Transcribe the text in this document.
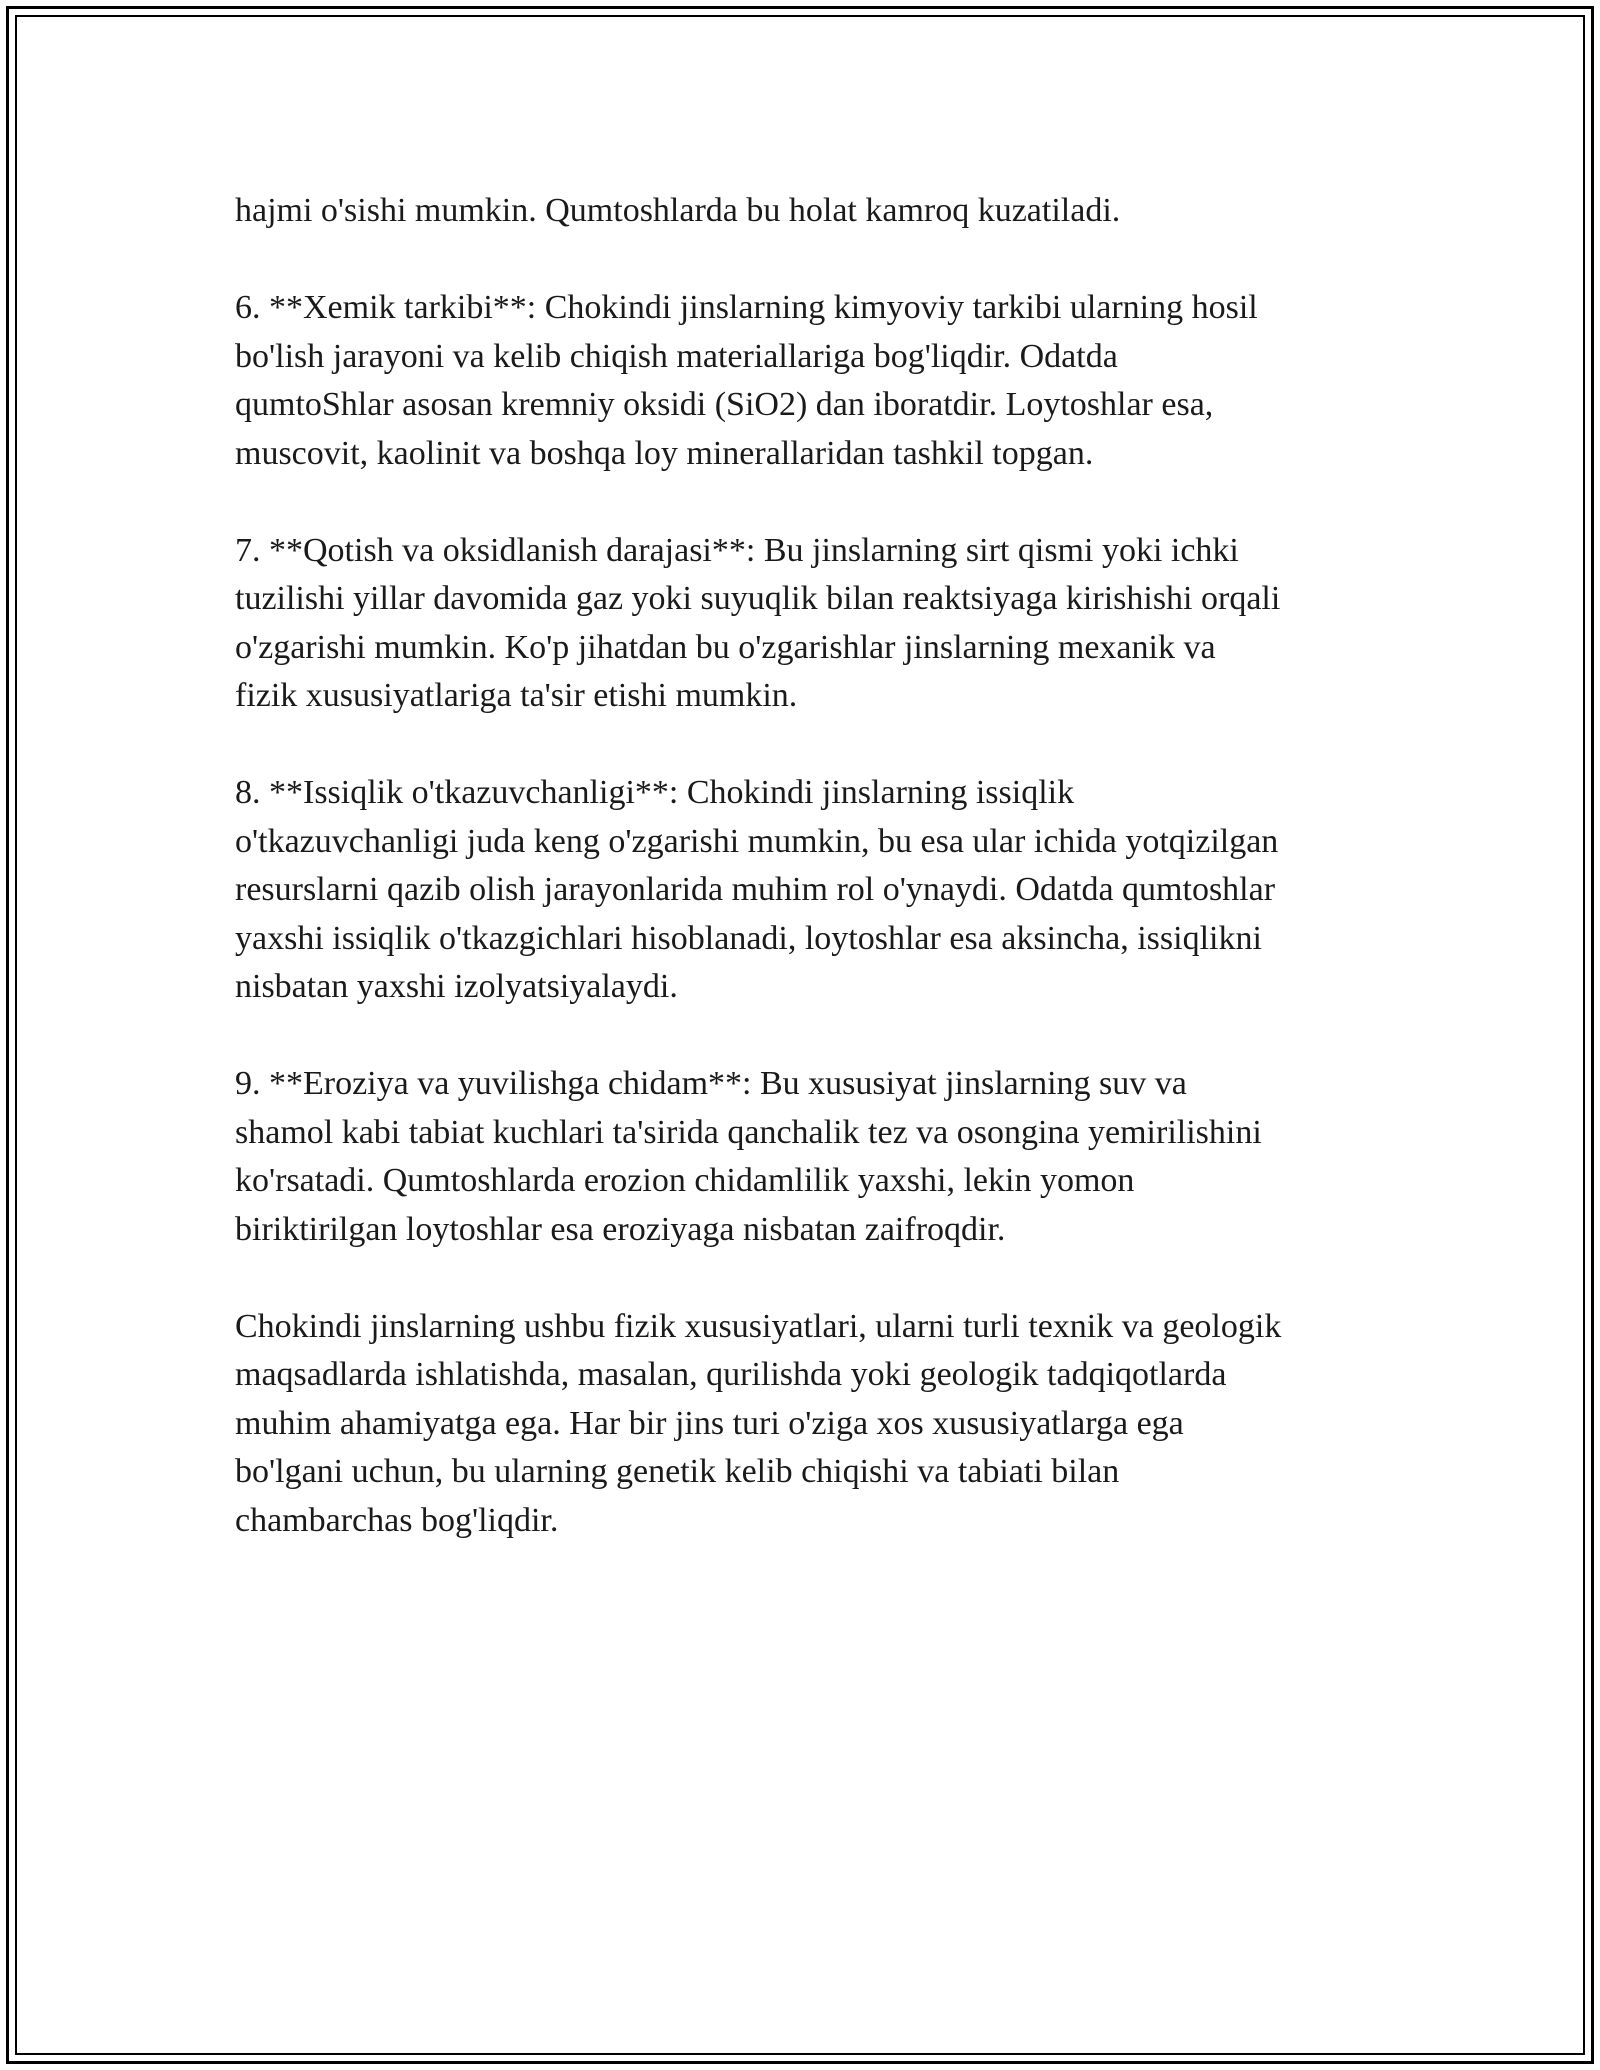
hajmi o'sishi mumkin. Qumtoshlarda bu holat kamroq kuzatiladi.
6. **Xemik tarkibi**: Chokindi jinslarning kimyoviy tarkibi ularning hosil
bo'lish jarayoni va kelib chiqish materiallariga bog'liqdir. Odatda
qumtoShlar asosan kremniy oksidi (SiO2) dan iboratdir. Loytoshlar esa,
muscovit, kaolinit va boshqa loy minerallaridan tashkil topgan.
7. **Qotish va oksidlanish darajasi**: Bu jinslarning sirt qismi yoki ichki
tuzilishi yillar davomida gaz yoki suyuqlik bilan reaktsiyaga kirishishi orqali
o'zgarishi mumkin. Ko'p jihatdan bu o'zgarishlar jinslarning mexanik va
fizik xususiyatlariga ta'sir etishi mumkin.
8. **Issiqlik o'tkazuvchanligi**: Chokindi jinslarning issiqlik
o'tkazuvchanligi juda keng o'zgarishi mumkin, bu esa ular ichida yotqizilgan
resurslarni qazib olish jarayonlarida muhim rol o'ynaydi. Odatda qumtoshlar
yaxshi issiqlik o'tkazgichlari hisoblanadi, loytoshlar esa aksincha, issiqlikni
nisbatan yaxshi izolyatsiyalaydi.
9. **Eroziya va yuvilishga chidam**: Bu xususiyat jinslarning suv va
shamol kabi tabiat kuchlari ta'sirida qanchalik tez va osongina yemirilishini
ko'rsatadi. Qumtoshlarda erozion chidamlilik yaxshi, lekin yomon
biriktirilgan loytoshlar esa eroziyaga nisbatan zaifroqdir.
Chokindi jinslarning ushbu fizik xususiyatlari, ularni turli texnik va geologik
maqsadlarda ishlatishda, masalan, qurilishda yoki geologik tadqiqotlarda
muhim ahamiyatga ega. Har bir jins turi o'ziga xos xususiyatlarga ega
bo'lgani uchun, bu ularning genetik kelib chiqishi va tabiati bilan
chambarchas bog'liqdir.
